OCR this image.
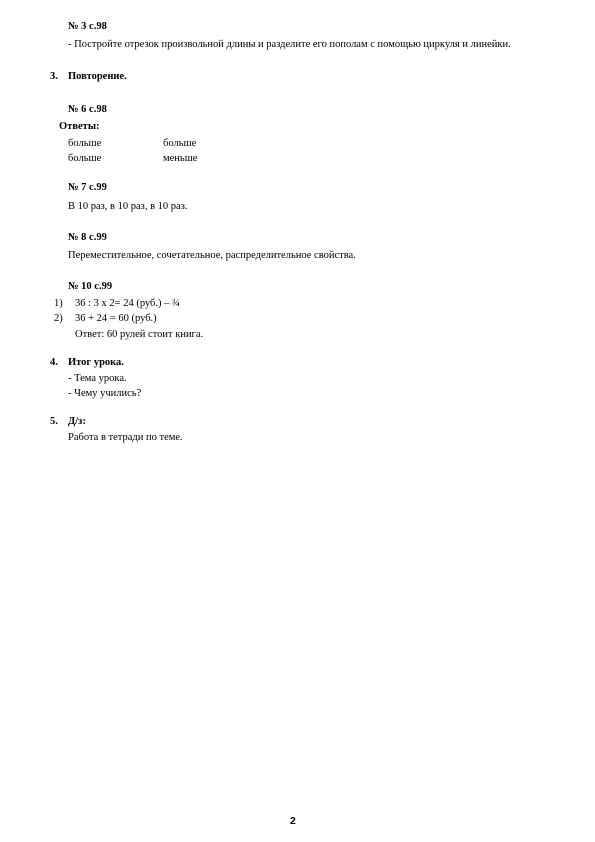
№ 3 с.98
- Постройте отрезок произвольной длины и разделите его пополам с помощью циркуля и линейки.
3. Повторение.
№ 6 с.98
Ответы:
больше	больше
больше	меньше
№ 7 с.99
В 10 раз, в 10 раз, в 10 раз.
№ 8 с.99
Переместительное, сочетательное, распределительное свойства.
№ 10 с.99
1) 36 : 3 х 2= 24 (руб.) – ¾
2) 36 + 24 = 60 (руб.)
Ответ: 60 рулей стоит книга.
4. Итог урока.
- Тема урока.
- Чему учились?
5. Д/з:
Работа в тетради по теме.
2
